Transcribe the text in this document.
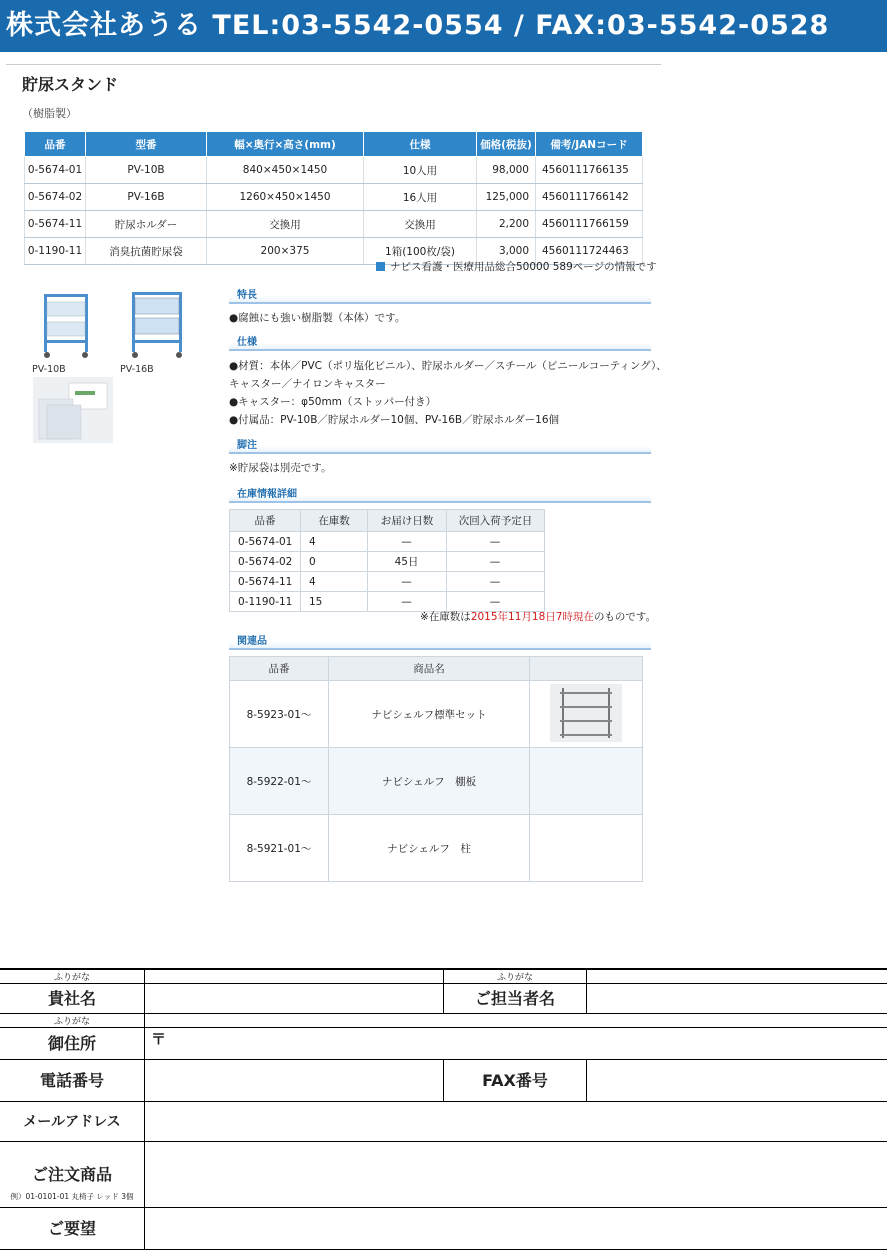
株式会社あうる TEL:03-5542-0554 / FAX:03-5542-0528
貯尿スタンド
（樹脂製）
品番	型番	幅×奥行×高さ(mm)	仕様	価格(税抜)	備考/JANコード
0-5674-01	PV-10B	840×450×1450	10人用	98,000	4560111766135
0-5674-02	PV-16B	1260×450×1450	16人用	125,000	4560111766142
0-5674-11	貯尿ホルダー	交換用	交換用	2,200	4560111766159
0-1190-11	消臭抗菌貯尿袋	200×375	1箱(100枚/袋)	3,000	4560111724463
ナビス看護・医療用品総合50000 589ページの情報です
PV-10B	PV-16B
特長
●腐蝕にも強い樹脂製（本体）です。
仕様
●材質：本体／PVC（ポリ塩化ビニル）、貯尿ホルダー／スチール（ビニールコーティング）、
キャスター／ナイロンキャスター
●キャスター：φ50mm（ストッパー付き）
●付属品：PV-10B／貯尿ホルダー10個、PV-16B／貯尿ホルダー16個
脚注
※貯尿袋は別売です。
在庫情報詳細
品番	在庫数	お届け日数	次回入荷予定日
0-5674-01	4	—	—
0-5674-02	0	45日	—
0-5674-11	4	—	—
0-1190-11	15	—	—
※在庫数は2015年11月18日7時現在のものです。
関連品
品番	商品名	
8-5923-01〜	ナビシェルフ標準セット	
8-5922-01〜	ナビシェルフ　棚板	
8-5921-01〜	ナビシェルフ　柱	
ふりがな	ふりがな
貴社名	ご担当者名
ふりがな
御住所	〒
電話番号	FAX番号
メールアドレス
ご注文商品
例）01-0101-01 丸椅子 レッド 3個
ご要望
